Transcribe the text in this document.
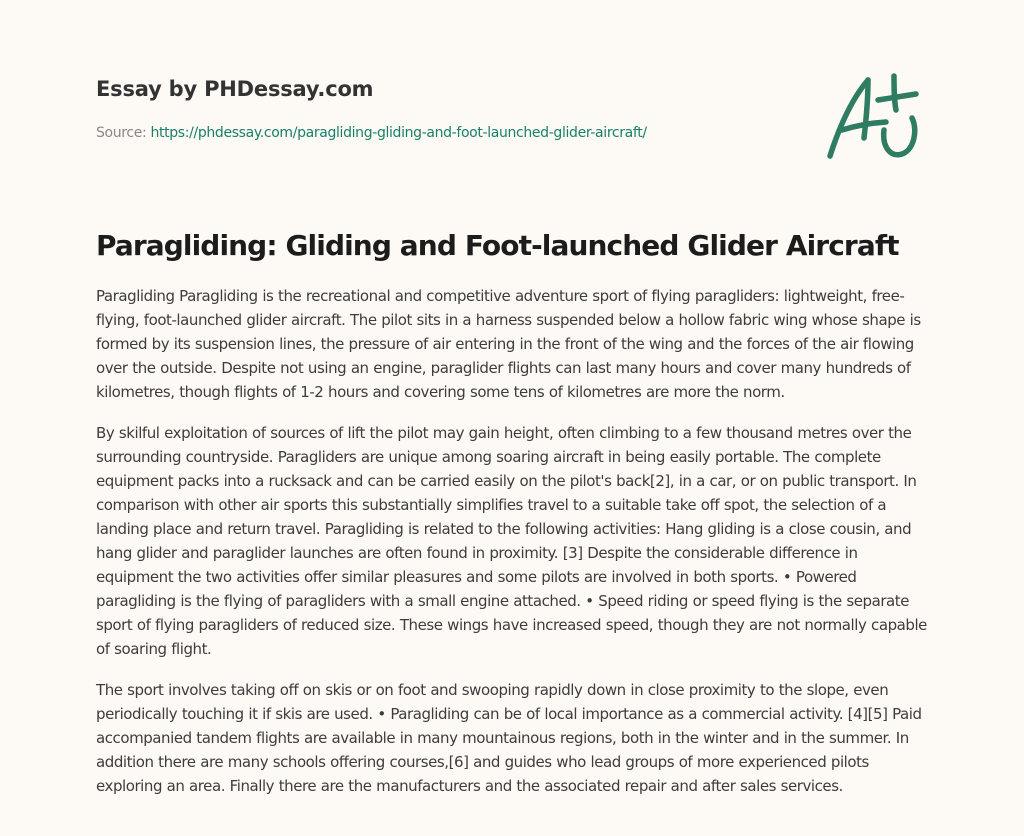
Essay by PHDessay.com
Source: https://phdessay.com/paragliding-gliding-and-foot-launched-glider-aircraft/
Paragliding: Gliding and Foot-launched Glider Aircraft

Paragliding Paragliding is the recreational and competitive adventure sport of flying paragliders: lightweight, free-flying, foot-launched glider aircraft. The pilot sits in a harness suspended below a hollow fabric wing whose shape is formed by its suspension lines, the pressure of air entering in the front of the wing and the forces of the air flowing over the outside. Despite not using an engine, paraglider flights can last many hours and cover many hundreds of kilometres, though flights of 1-2 hours and covering some tens of kilometres are more the norm.

By skilful exploitation of sources of lift the pilot may gain height, often climbing to a few thousand metres over the surrounding countryside. Paragliders are unique among soaring aircraft in being easily portable. The complete equipment packs into a rucksack and can be carried easily on the pilot's back[2], in a car, or on public transport. In comparison with other air sports this substantially simplifies travel to a suitable take off spot, the selection of a landing place and return travel. Paragliding is related to the following activities: Hang gliding is a close cousin, and hang glider and paraglider launches are often found in proximity. [3] Despite the considerable difference in equipment the two activities offer similar pleasures and some pilots are involved in both sports. • Powered paragliding is the flying of paragliders with a small engine attached. • Speed riding or speed flying is the separate sport of flying paragliders of reduced size. These wings have increased speed, though they are not normally capable of soaring flight.

The sport involves taking off on skis or on foot and swooping rapidly down in close proximity to the slope, even periodically touching it if skis are used. • Paragliding can be of local importance as a commercial activity. [4][5] Paid accompanied tandem flights are available in many mountainous regions, both in the winter and in the summer. In addition there are many schools offering courses,[6] and guides who lead groups of more experienced pilots exploring an area. Finally there are the manufacturers and the associated repair and after sales services.
